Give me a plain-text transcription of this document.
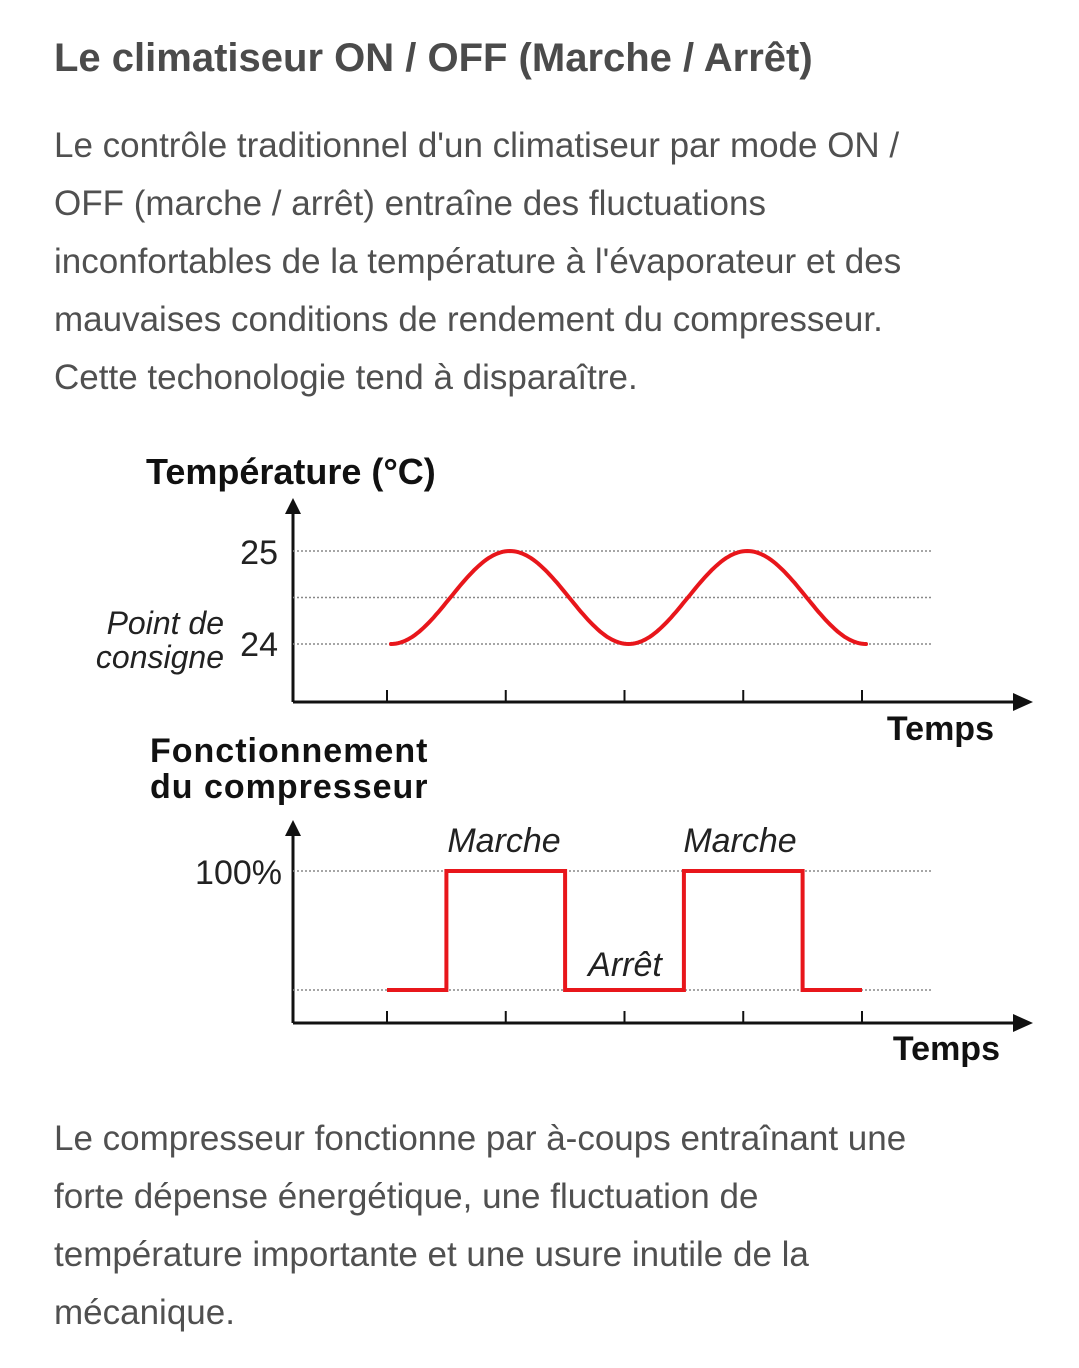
Le climatiseur ON / OFF (Marche / Arrêt)

Le contrôle traditionnel d'un climatiseur par mode ON /
OFF (marche / arrêt) entraîne des fluctuations
inconfortables de la température à l'évaporateur et des
mauvaises conditions de rendement du compresseur.
Cette techonologie tend à disparaître.

Température (°C)
25
24
Point de
consigne
Temps
Fonctionnement
du compresseur
100%
Marche
Arrêt
Marche
Temps

Le compresseur fonctionne par à-coups entraînant une
forte dépense énergétique, une fluctuation de
température importante et une usure inutile de la
mécanique.
